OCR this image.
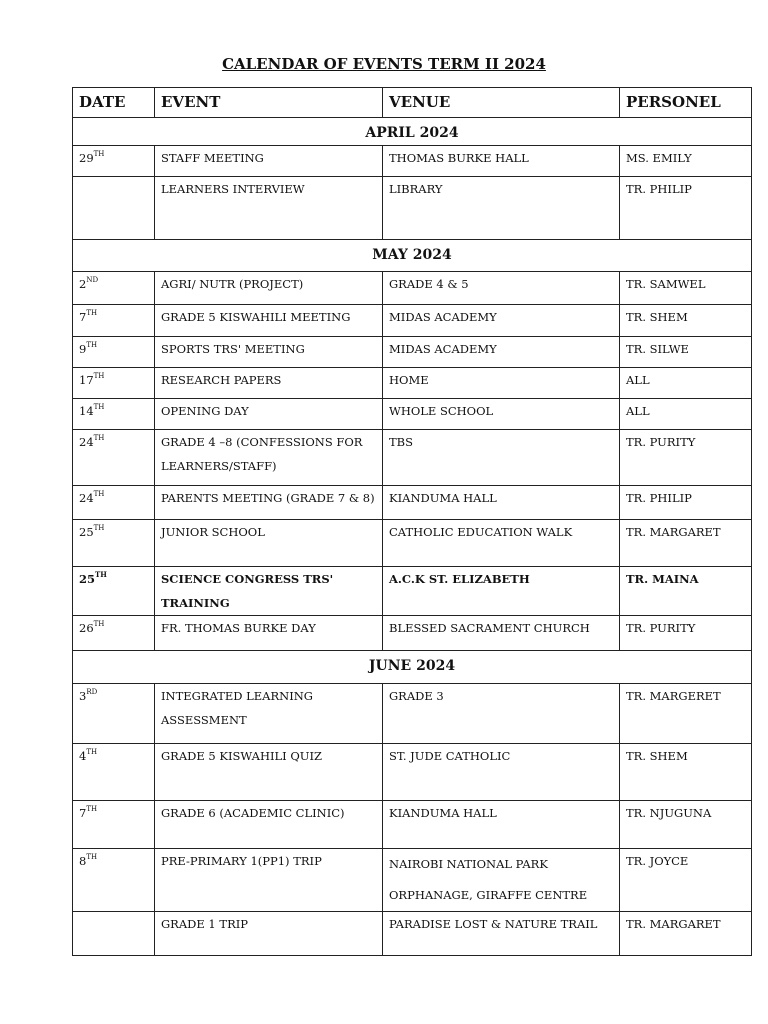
CALENDAR OF EVENTS TERM II 2024
DATE	EVENT	VENUE	PERSONEL
APRIL 2024			
29TH	STAFF MEETING	THOMAS BURKE HALL	MS. EMILY
	LEARNERS INTERVIEW	LIBRARY	TR. PHILIP
MAY 2024			
2ND	AGRI/ NUTR (PROJECT)	GRADE 4 & 5	TR. SAMWEL
7TH	GRADE 5 KISWAHILI MEETING	MIDAS ACADEMY	TR. SHEM
9TH	SPORTS TRS' MEETING	MIDAS ACADEMY	TR. SILWE
17TH	RESEARCH PAPERS	HOME	ALL
14TH	OPENING DAY	WHOLE SCHOOL	ALL
24TH	GRADE 4 –8 (CONFESSIONS FOR LEARNERS/STAFF)	TBS	TR. PURITY
24TH	PARENTS MEETING (GRADE 7 & 8)	KIANDUMA HALL	TR. PHILIP
25TH	JUNIOR SCHOOL	CATHOLIC EDUCATION WALK	TR. MARGARET
25TH	SCIENCE CONGRESS TRS' TRAINING	A.C.K ST. ELIZABETH	TR. MAINA
26TH	FR. THOMAS BURKE DAY	BLESSED SACRAMENT CHURCH	TR. PURITY
JUNE 2024			
3RD	INTEGRATED LEARNING ASSESSMENT	GRADE 3	TR. MARGERET
4TH	GRADE 5 KISWAHILI QUIZ	ST. JUDE CATHOLIC	TR. SHEM
7TH	GRADE 6 (ACADEMIC CLINIC)	KIANDUMA HALL	TR. NJUGUNA
8TH	PRE-PRIMARY 1(PP1) TRIP	NAIROBI NATIONAL PARK ORPHANAGE, GIRAFFE CENTRE	TR. JOYCE
	GRADE 1 TRIP	PARADISE LOST & NATURE TRAIL	TR. MARGARET
